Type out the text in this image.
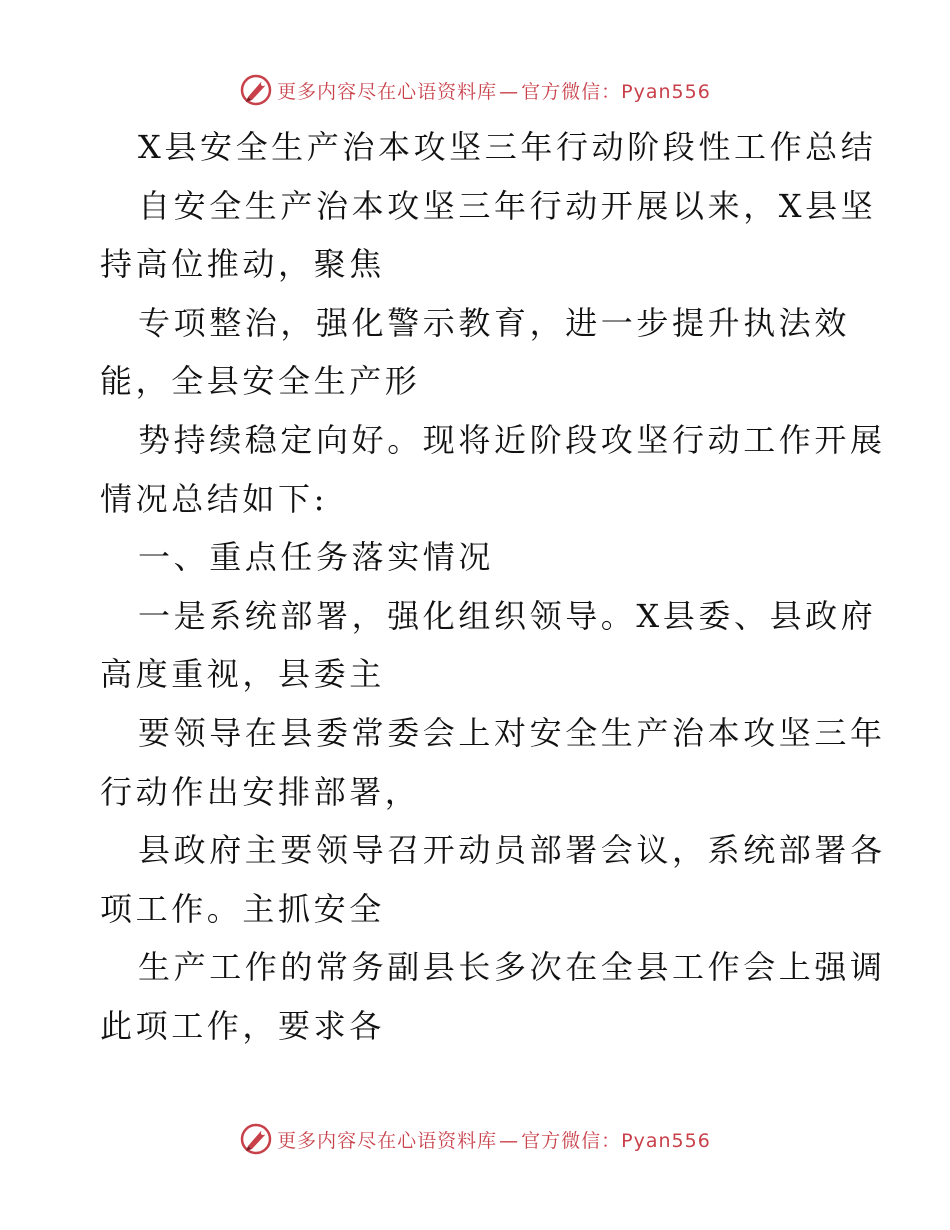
更多内容尽在心语资料库 — 官方微信：Pyan556

X县安全生产治本攻坚三年行动阶段性工作总结

自安全生产治本攻坚三年行动开展以来，X县坚

持高位推动，聚焦

专项整治，强化警示教育，进一步提升执法效

能，全县安全生产形

势持续稳定向好。现将近阶段攻坚行动工作开展

情况总结如下:

一、重点任务落实情况

一是系统部署，强化组织领导。X县委、县政府

高度重视，县委主

要领导在县委常委会上对安全生产治本攻坚三年

行动作出安排部署，

县政府主要领导召开动员部署会议，系统部署各

项工作。主抓安全

生产工作的常务副县长多次在全县工作会上强调

此项工作，要求各

更多内容尽在心语资料库 — 官方微信：Pyan556
